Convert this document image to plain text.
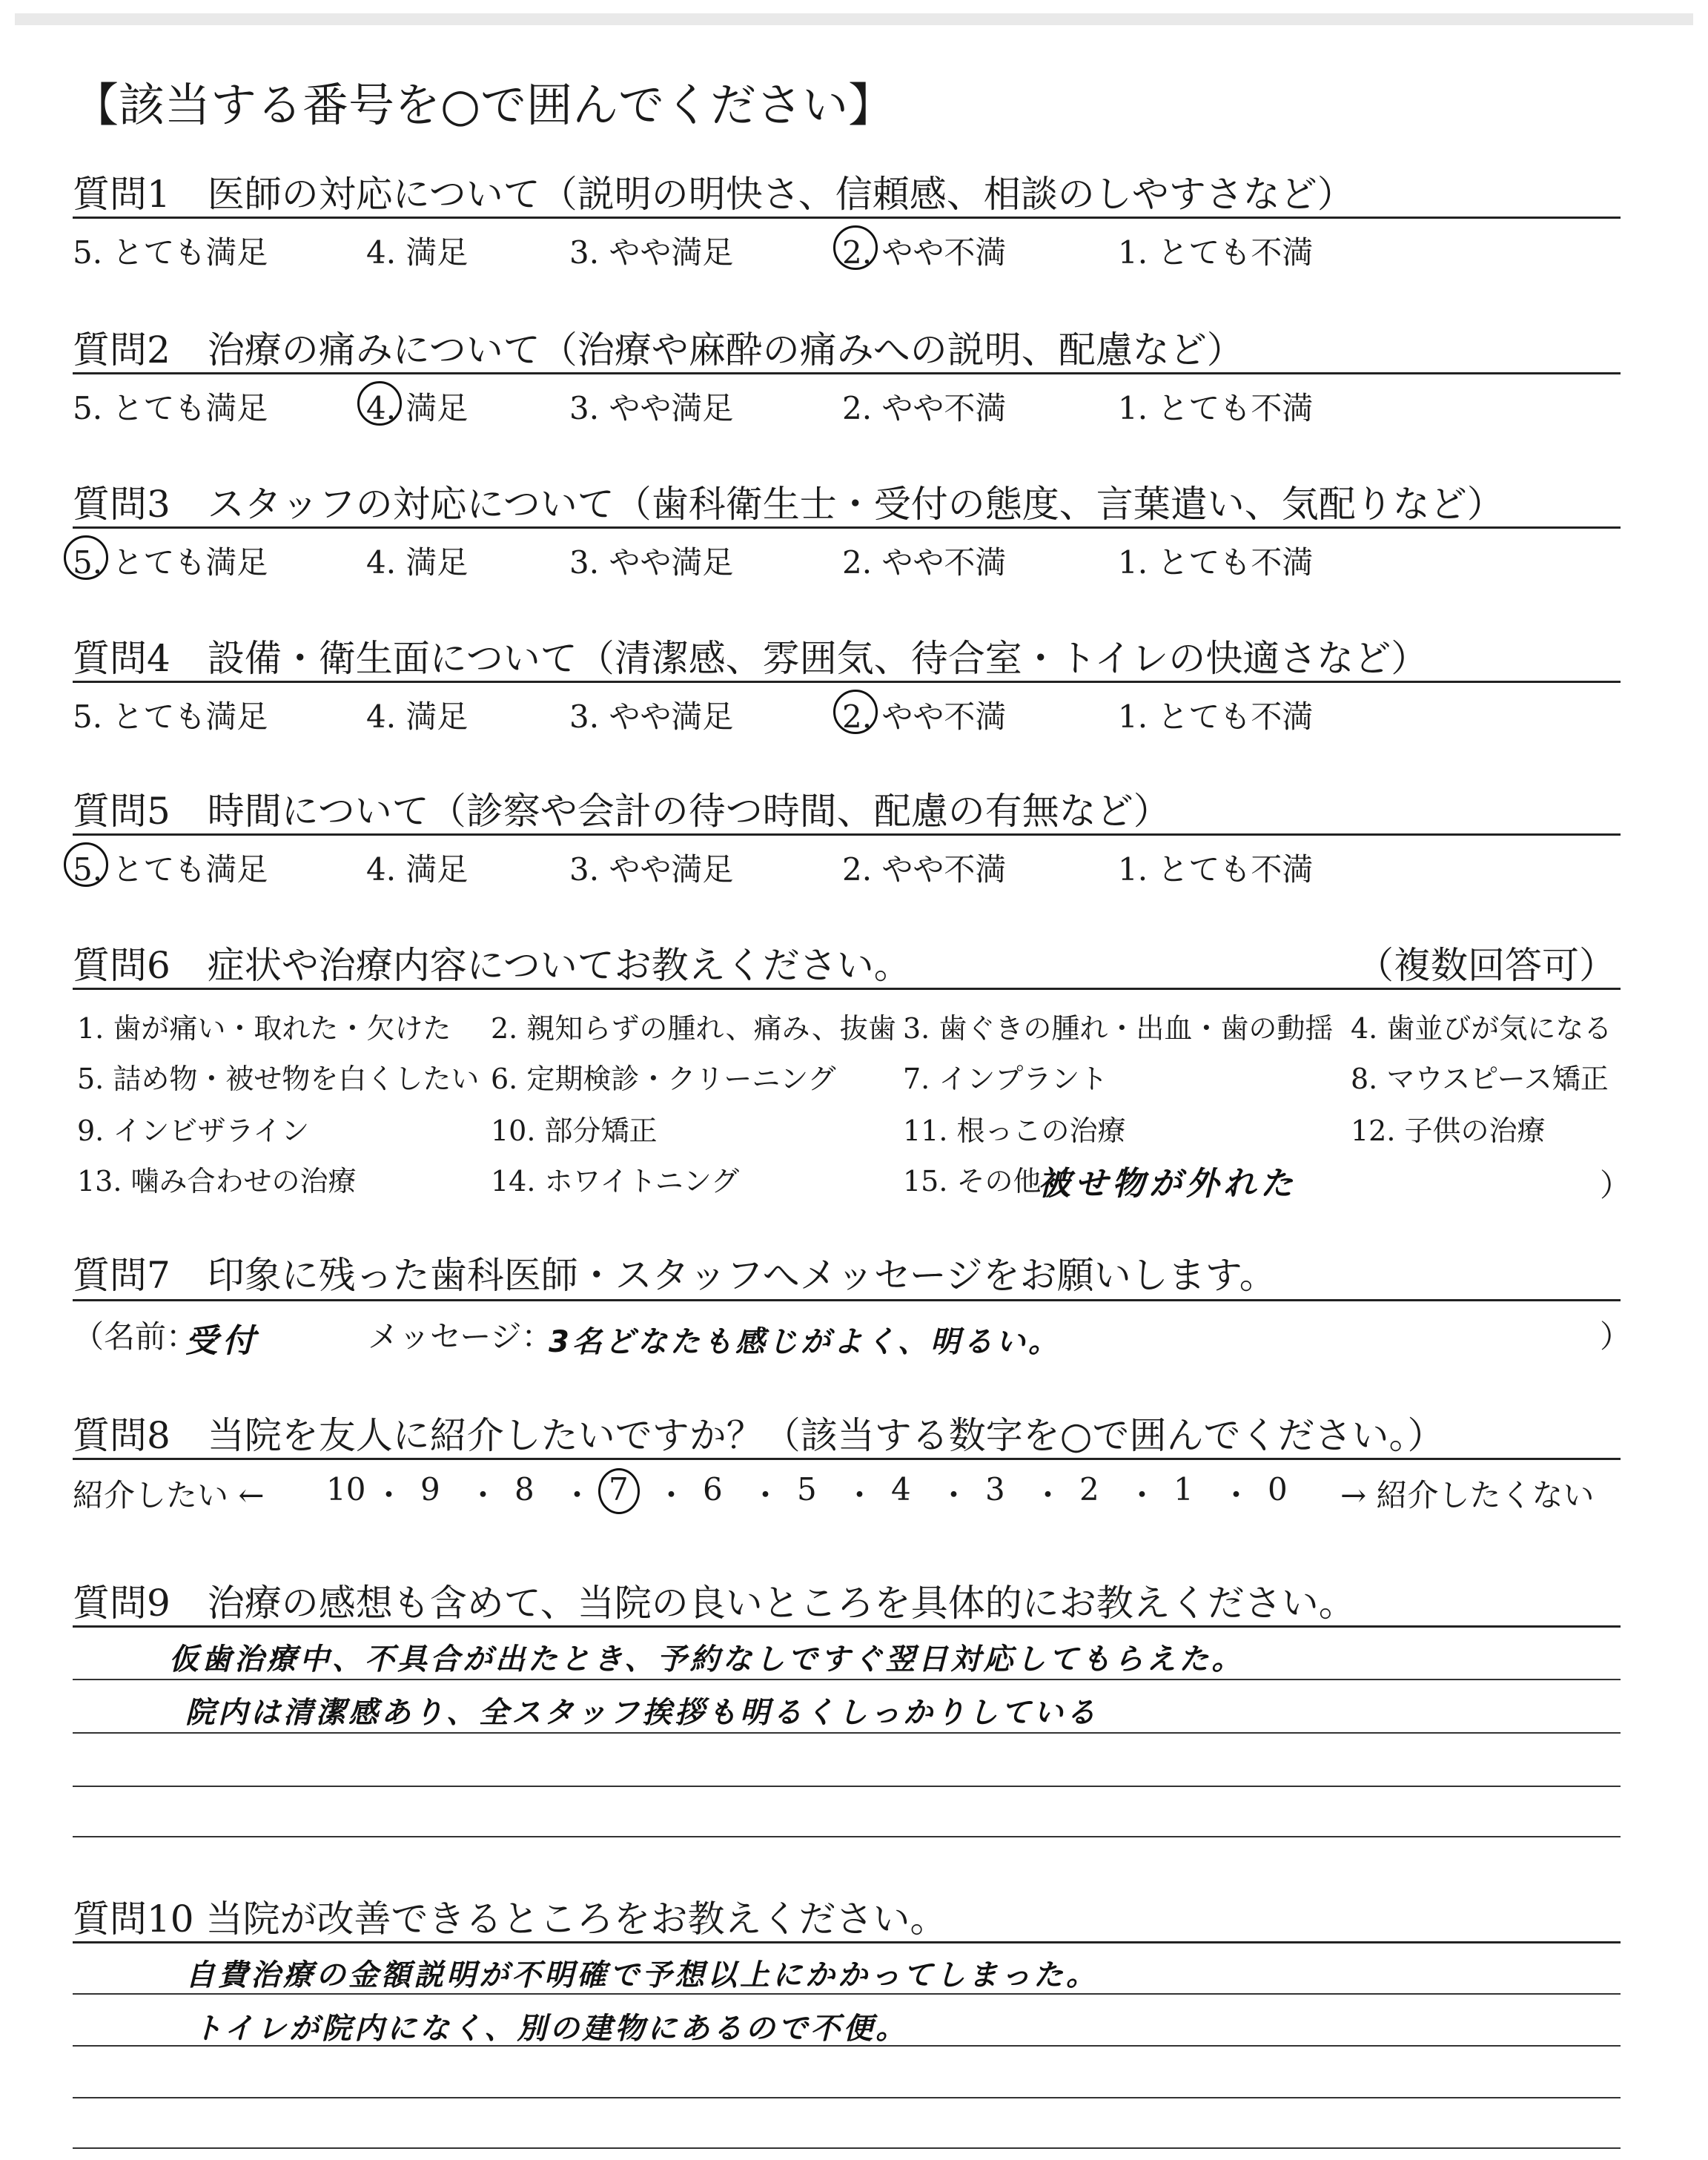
【該当する番号を○で囲んでください】
質問1　医師の対応について（説明の明快さ、信頼感、相談のしやすさなど）
5. とても満足	4. 満足	3. やや満足	2. やや不満	1. とても不満
質問2　治療の痛みについて（治療や麻酔の痛みへの説明、配慮など）
5. とても満足	4. 満足	3. やや満足	2. やや不満	1. とても不満
質問3　スタッフの対応について（歯科衛生士・受付の態度、言葉遣い、気配りなど）
5. とても満足	4. 満足	3. やや満足	2. やや不満	1. とても不満
質問4　設備・衛生面について（清潔感、雰囲気、待合室・トイレの快適さなど）
5. とても満足	4. 満足	3. やや満足	2. やや不満	1. とても不満
質問5　時間について（診察や会計の待つ時間、配慮の有無など）
5. とても満足	4. 満足	3. やや満足	2. やや不満	1. とても不満
質問6　症状や治療内容についてお教えください。	（複数回答可）
1. 歯が痛い・取れた・欠けた 2. 親知らずの腫れ、痛み、抜歯 3. 歯ぐきの腫れ・出血・歯の動揺 4. 歯並びが気になる
5. 詰め物・被せ物を白くしたい 6. 定期検診・クリーニング 7. インプラント	8. マウスピース矯正
9. インビザライン	10. 部分矯正	11. 根っこの治療	12. 子供の治療
13. 噛み合わせの治療	14. ホワイトニング	15. その他（
被せ物が外れた	）
質問7　印象に残った歯科医師・スタッフへメッセージをお願いします。
（名前：
受付	メッセージ：
3名どなたも感じがよく、明るい。	）
質問8　当院を友人に紹介したいですか？（該当する数字を○で囲んでください。）
紹介したい ← 10 ・ 9 ・ 8 ・ 7 ・ 6 ・ 5 ・ 4 ・ 3 ・ 2 ・ 1 ・ 0 → 紹介したくない
質問9　治療の感想も含めて、当院の良いところを具体的にお教えください。
仮歯治療中、不具合が出たとき、予約なしですぐ翌日対応してもらえた。
院内は清潔感あり、全スタッフ挨拶も明るくしっかりしている
質問10 当院が改善できるところをお教えください。
自費治療の金額説明が不明確で予想以上にかかってしまった。
トイレが院内になく、別の建物にあるので不便。
